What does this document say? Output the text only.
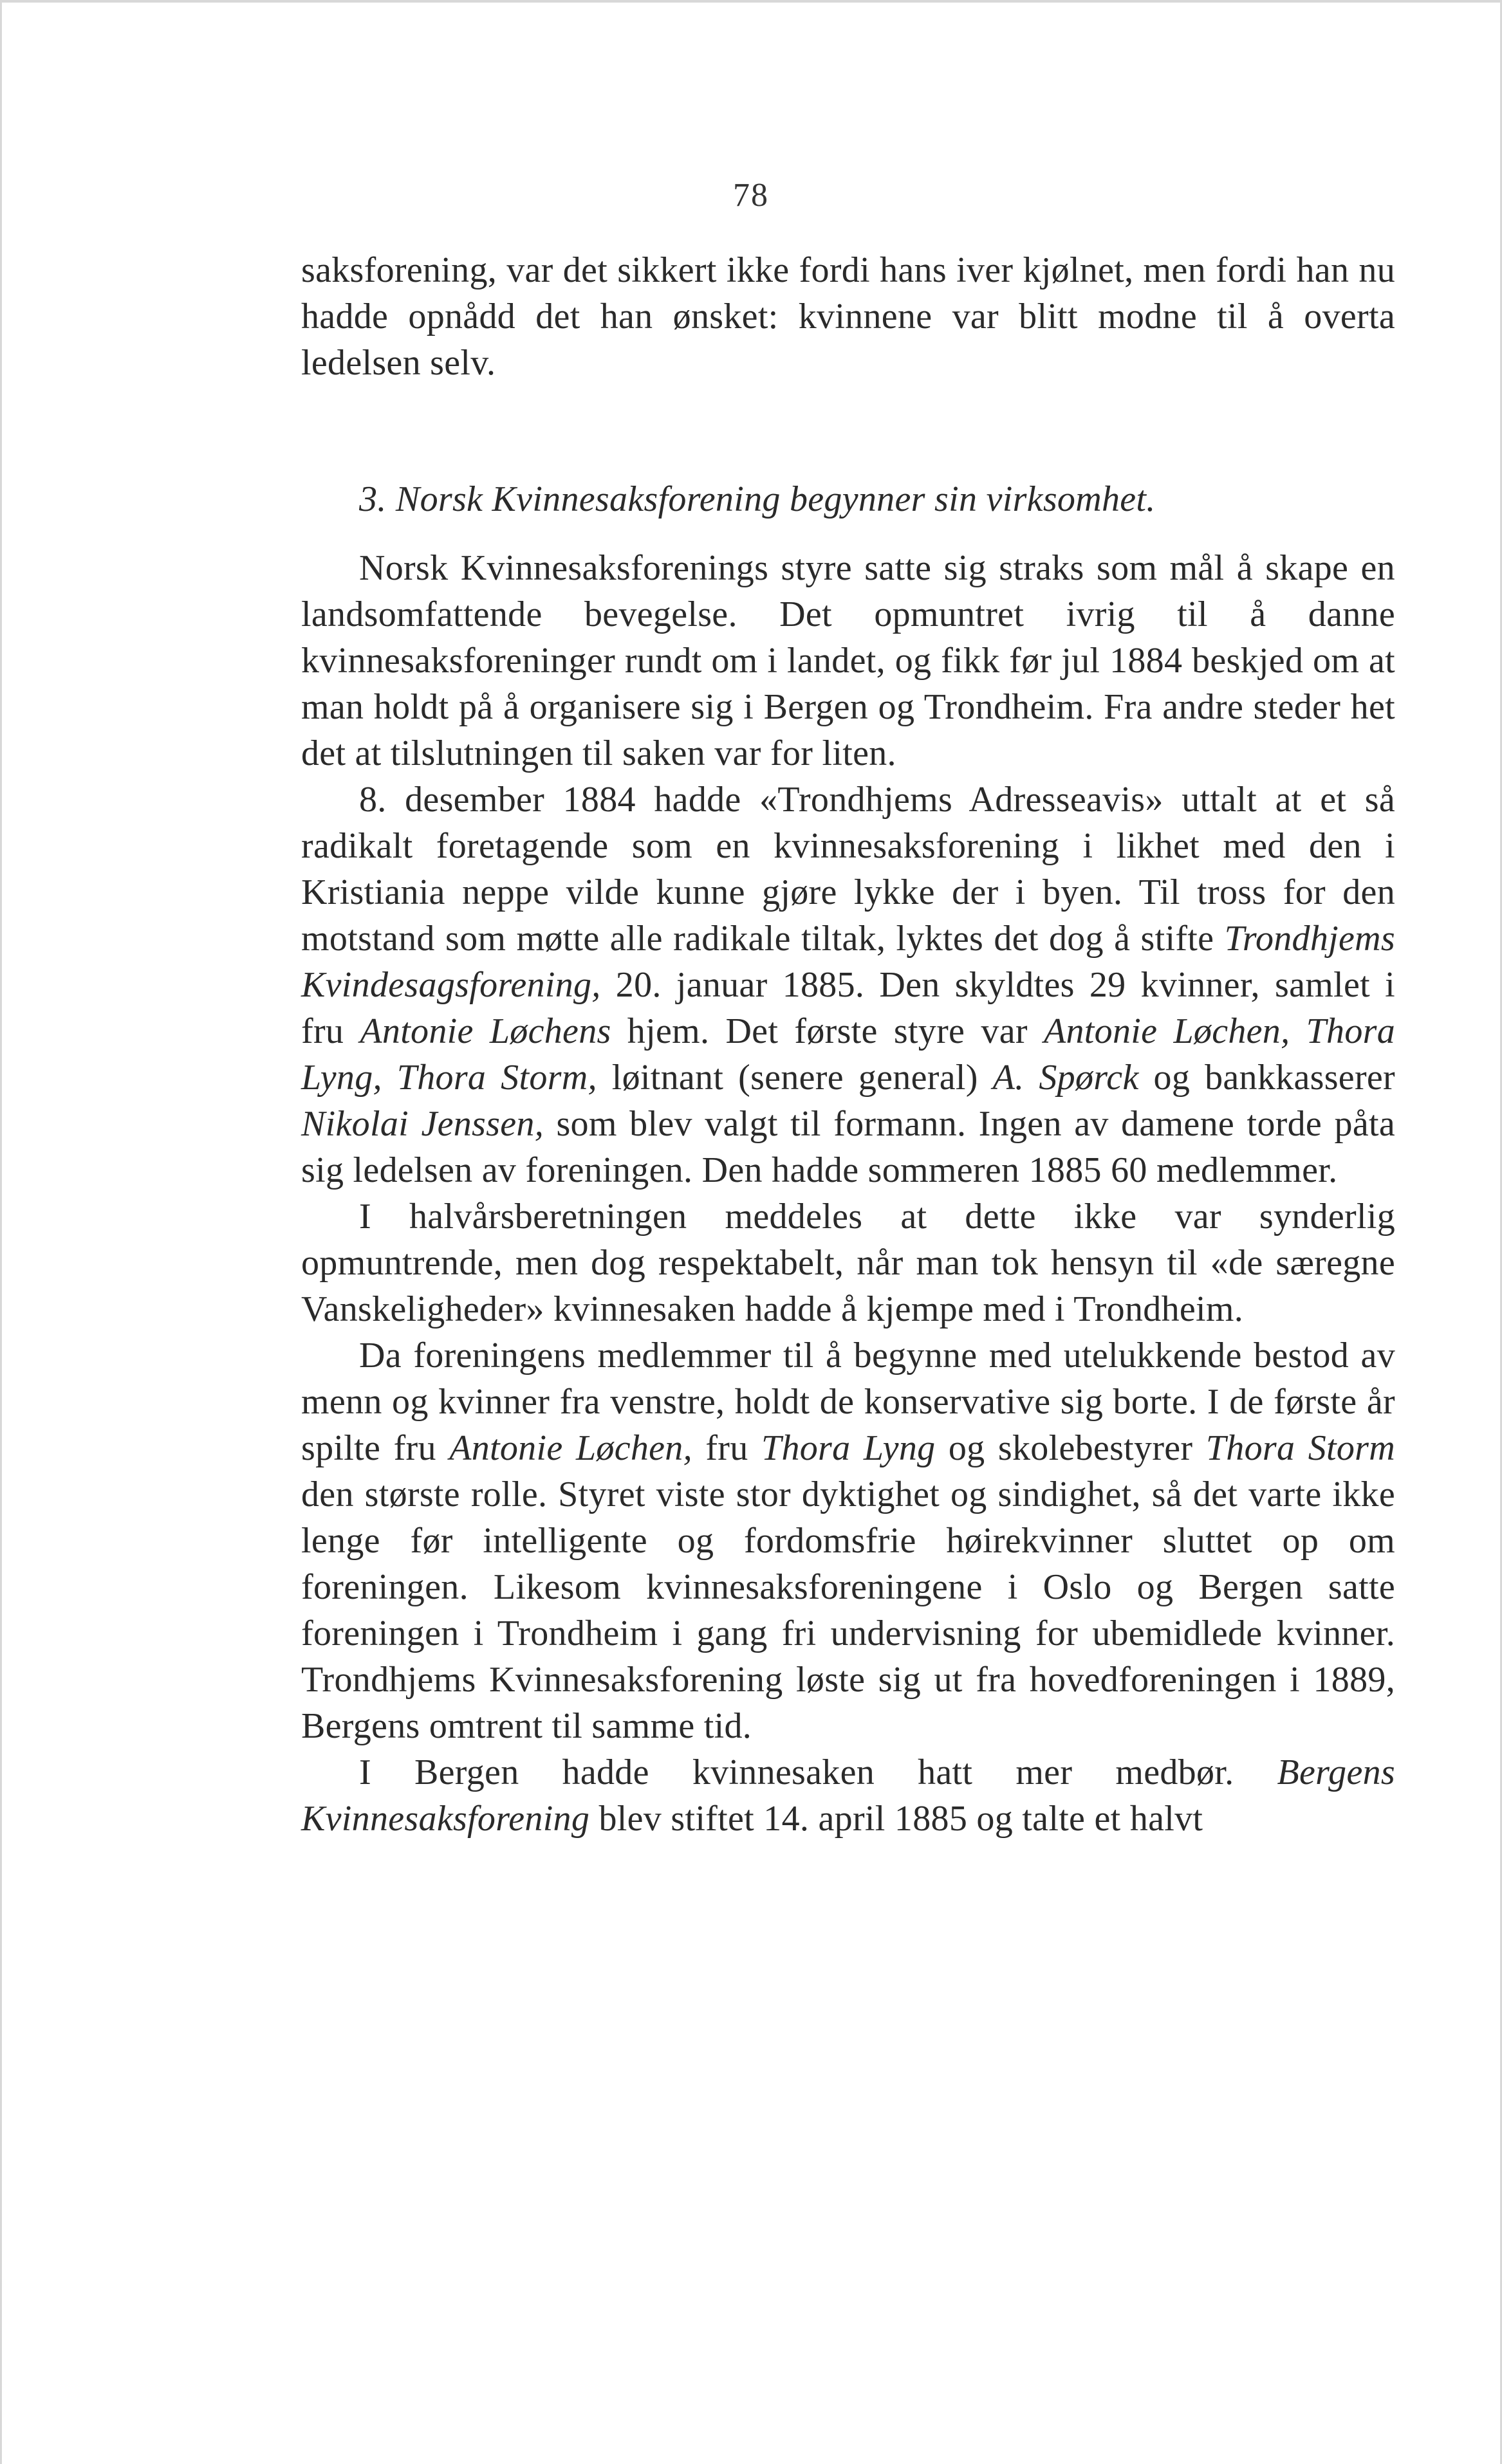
78

saksforening, var det sikkert ikke fordi hans iver kjølnet, men fordi han nu hadde opnådd det han ønsket: kvinnene var blitt modne til å overta ledelsen selv.

3. Norsk Kvinnesaksforening begynner sin virksomhet.

Norsk Kvinnesaksforenings styre satte sig straks som mål å skape en landsomfattende bevegelse. Det opmuntret ivrig til å danne kvinnesaksforeninger rundt om i landet, og fikk før jul 1884 beskjed om at man holdt på å organisere sig i Bergen og Trondheim. Fra andre steder het det at tilslutningen til saken var for liten.

8. desember 1884 hadde «Trondhjems Adresseavis» uttalt at et så radikalt foretagende som en kvinnesaksforening i likhet med den i Kristiania neppe vilde kunne gjøre lykke der i byen. Til tross for den motstand som møtte alle radikale tiltak, lyktes det dog å stifte Trondhjems Kvindesagsforening, 20. januar 1885. Den skyldtes 29 kvinner, samlet i fru Antonie Løchens hjem. Det første styre var Antonie Løchen, Thora Lyng, Thora Storm, løitnant (senere general) A. Spørck og bankkasserer Nikolai Jenssen, som blev valgt til formann. Ingen av damene torde påta sig ledelsen av foreningen. Den hadde sommeren 1885 60 medlemmer.

I halvårsberetningen meddeles at dette ikke var synderlig opmuntrende, men dog respektabelt, når man tok hensyn til «de særegne Vanskeligheder» kvinnesaken hadde å kjempe med i Trondheim.

Da foreningens medlemmer til å begynne med utelukkende bestod av menn og kvinner fra venstre, holdt de konservative sig borte. I de første år spilte fru Antonie Løchen, fru Thora Lyng og skolebestyrer Thora Storm den største rolle. Styret viste stor dyktighet og sindighet, så det varte ikke lenge før intelligente og fordomsfrie høirekvinner sluttet op om foreningen. Likesom kvinnesaksforeningene i Oslo og Bergen satte foreningen i Trondheim i gang fri undervisning for ubemidlede kvinner. Trondhjems Kvinnesaksforening løste sig ut fra hovedforeningen i 1889, Bergens omtrent til samme tid.

I Bergen hadde kvinnesaken hatt mer medbør. Bergens Kvinnesaksforening blev stiftet 14. april 1885 og talte et halvt
